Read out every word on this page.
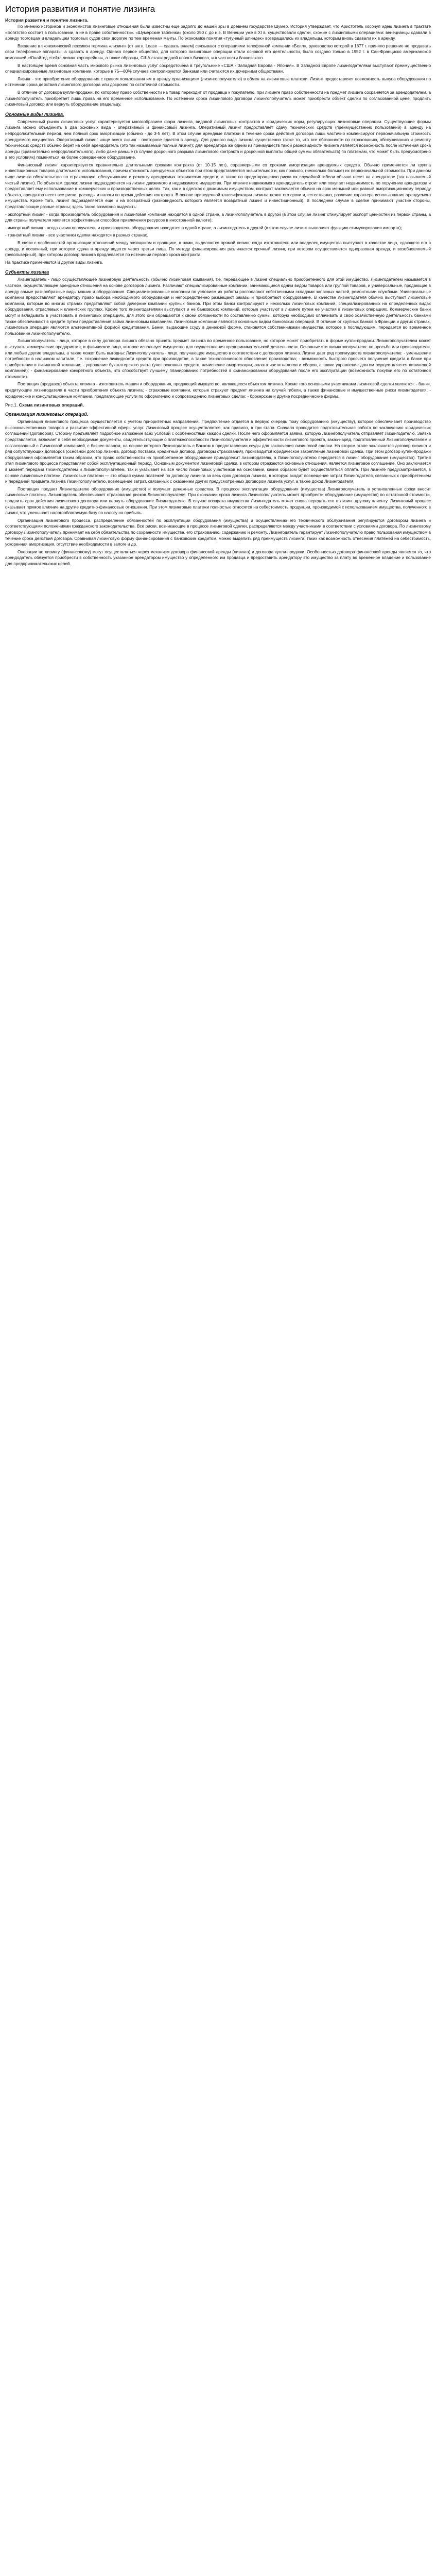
История развития и понятие лизинга
История развития и понятие лизинга.

По мнению историков и экономистов лизинговые отношения были известны еще задолго до нашей эры в древнем государстве Шумер. История утверждает, что Аристотель хосочул идею лизинга в трактате «Богатство состоит в пользовании, а не в праве собственности». «Шумерские таблички» (около 350 г. до н.э. В Венеции уже в XI в. существовали сделки, схожие с лизинговыми операциями: венецианцы сдавали в аренду торговцам и владельцам торговых судов свои дорогие по тем временам мачты. По экономике понятия «тугунный шпиндек» возвращались их владельцы, которым вновь сдавали их в аренду.

Введение в экономический лексикон термина «лизинг» (от англ. Lease — сдавать внаем) связывают с операциями телефонной компании «Белл», руководство которой в 1877 г. приняло решение не продавать свои телефонные аппараты, а сдавать в аренду. Однако первое общество, для которого лизинговые операции стали основой его деятельности, было создано только в 1952 г. в Сан-Франциско американской компанией «Юнайтед стейтс лизинг корпорейшн», а также образцы, США стали родной нового бизнеса, и в частности банковского.

В настоящее время основная часть мирового рынка лизинговых услуг сосредоточена в треугольнике «США - Западная Европа - Япония». В Западной Европе лизингодателями выступают преимущественно специализированные лизинговые компании, которые в 75—80% случаев контролируются банками или считаются их дочерними обществами.

Лизинг - это приобретение оборудования с правом пользования им в аренду организациям (лизингополучателю) в обмен на лизинговые платежи. Лизинг предоставляет возможность выкупа оборудования по истечении срока действия лизингового договора или досрочно по остаточной стоимости.

В отличие от договора купли-продажи, по которому право собственности на товар переходит от продавца к покупателю, при лизинге право собственности на предмет лизинга сохраняется за арендодателем, а лизингополучатель приобретает лишь права на его временное использование. По истечении срока лизингового договора лизингополучатель может приобрести объект сделки по согласованной цене, продлить лизинговый договор или вернуть оборудование владельцу.

Основные виды лизинга.

Современный рынок лизинговых услуг характеризуется многообразием форм лизинга, видовой лизинговых контрактов и юридических норм, регулирующих лизинговые операции. Существующие формы лизинга можно объединить в два основных вида - оперативный и финансовый лизинга. Оперативный лизинг предоставляет сдачу технических средств (преимущественно пользований) в аренду на непродолжительный период, чем полный срок амортизации (обычно - до 3-5 лет). В этом случае арендные платежи в течение срока действия договора лишь частично компенсируют первоначальную стоимость арендуемого имущества. Оперативный лизинг чаще всего лизинг - повторное сдается в аренду. Для данного вида лизинга существенно также то, что все обязанности по страхованию, обслуживанию и ремонту технических средств обычно берет на себя арендодатель (это так называемый полный лизинг); для арендатора же одним из преимуществ такой разновидности лизинга является возможность после истечения срока аренды (сравнительно непродолжительного), либо даже раньше (в случае досрочного разрыва лизингового контракта и досрочной выплаты общей суммы обязательств) по платежам, что может быть предусмотрено в его условиях) поменяться на более совершенное оборудование.

Финансовый лизинг характеризуется сравнительно длительными сроками контракта (от 10-15 лет), соразмерными со сроками амортизации арендуемых средств. Обычно применяется ли группа инвестиционных товаров длительного использования, причем стоимость арендуемых объектов при этом представляется значительной и, как правило, (несколько больше) их первоначальной стоимости. При данном виде лизинга обязательство по страхованию, обслуживанию и ремонту арендуемых технических средств, а также по предотвращению риска их случайной гибели обычно несет на арендаторе (так называемый чистый лизинг). По объектам сделки: лизинг подразделяется на лизинг движимого и недвижимого имущества. При лизинге недвижимого арендодатель строит или покупает недвижимость по поручению арендатора и предоставляет ему использование в коммерческих и производственных целях. Так, как и в сделках с движимым имуществом, контракт заключается обычно на срок меньший или равный амортизационному периоду объекта, арендатор несет все риски, расходы и налоги во время действия контракта. В основе приведенной классификации лизинга лежит его сроки и, естественно, различие характера использования арендуемого имущества. Кроме того, лизинг подразделяется еще и на возвратный (разновидность которого является возвратный лизинг и инвестиционный). В последнем случае в сделке принимают участие стороны, представляющие разные страны; здесь также возможно выделить:

- экспортный лизинг - когда производитель оборудования и лизинговая компания находятся в одной стране, а лизингополучатель в другой (в этом случае лизинг стимулирует экспорт ценностей из первой страны, а для страны получателя является эффективным способом привлечения ресурсов в иностранной валюте);

- импортный лизинг - когда лизингополучатель и производитель оборудования находятся в одной стране, а лизингодатель в другой (в этом случае лизинг выполняет функцию стимулирования импорта);

- транзитный лизинг - все участники сделки находятся в разных странах.

В связи с особенностей организации отношений между заявщиком и сравщике, в нами, выделяются прямой лизинг, когда изготовитель или владелец имущества выступает в качестве лица, сдающего его в аренду, и косвенный, при котором сдача в аренду ведется через третьи лица. По методу финансирования различается срочный лизинг, при котором осуществляется одноразовая аренда, и возобновляемый (револьверный), при котором договор лизинга продлевается по истечении первого срока контракта.

На практике применяются и другие виды лизинга.

Субъекты лизинга

Лизингодатель - лицо осуществляющее лизинговую деятельность (обычно лизинговая компания), т.е. передающее в лизинг специально приобретенного для этой имущество. Лизингодателем называется в частном, осуществляющее арендные отношения на основе договоров лизинга. Различают специализированные компании, занимающиеся одним видом товаров или группой товаров, и универсальные, продающие в аренду самые разнообразные виды машин и оборудования. Специализированные компании по условиям их работы располагают собственными складами запасных частей, ремонтными службами. Универсальные компании предоставляют арендатору право выбора необходимого оборудования и непосредственно размещают заказы и приобретают оборудование. В качестве лизингодателя обычно выступают лизинговые компании, которые во многих странах представляют собой дочерние компании крупных банков. При этом банки контролируют и несколько лизинговых компаний, специализированных на определенных видах оборудования, отраслевых и клиентских группах. Кроме того лизингодателями выступают и не банковских компаний, которые участвуют в лизинге путем ее участия в лизинговых операциях. Коммерческие банки могут и вкладывать в участвовать в лизинговых операциях, для этого они обращаются к своей обязанности по составлению суммы, которую необходимо оплачивать и свою хозяйственную деятельность банками также обеспечивают в кредите путем предоставления займа лизинговым компаниям. Лизинговые компании являются основным видом банковских операций. В отличие от крупных банков в Франции и других странах, лизинговые операции являются альтернативной формой кредитования. Банки, выдающие ссуду в денежной форме, становятся собственниками имущества, которое в последующим, передается во временное пользование лизингополучателю.

Лизингополучатель - лицо, которое в силу договора лизинга обязано принять предмет лизинга во временное пользование, но которое может приобретать в форме купли-продажи. Лизингополучателем может выступать коммерческие предприятия, и физическое лицо, которое использует имущество для осуществления предпринимательской деятельности. Основные эти лизингополучателя: по просьбе или производители, или любые другие владельцы, а также может быть выгодны: Лизингополучатель - лицо, получающее имущество в соответствии с договором лизинга. Лизинг дает ряд преимуществ лизингополучателю: - уменьшение потребности в наличном капитале, т.е. сохранение ликвидности средств при производстве, а также технологического обновления производства; - возможность быстрого просчета получения кредита в банке при приобретении в лизинговой компании; - упрощение бухгалтерского учета (учет основных средств, начисление амортизации, оплата части налогов и сборов, а также управление долгом осуществляется лизинговой компанией); - финансирование конкретного объекта, что способствует лучшему планированию потребностей в финансировании оборудования после его эксплуатации (возможность покупки его по остаточной стоимости).

Поставщик (продавец) объекта лизинга - изготовитель машин и оборудования, продающий имущество, являющееся объектом лизинга. Кроме того основными участниками лизинговой сделки являются: - банки, кредитующие лизингодателя в части приобретения объекта лизинга; - страховые компании, которые страхуют предмет лизинга на случай гибели, а также финансовые и имущественные риски лизингодателя; - юридические и консультационные компании, предлагающие услуги по оформлению и сопровождению лизинговых сделок; - брокерские и другие посреднические фирмы.

Рис.1. Схема лизинговых операций.
Организация лизинговых операций.

Организация лизингового процесса осуществляется с учетом приоритетных направлений. Предпочтение отдается в первую очередь тому оборудованию (имуществу), которое обеспечивает производство высококачественных товаров и развитие эффективной сферы услуг. Лизинговый процесс осуществляется, как правило, в три этапа. Сначала проводится подготовительная работа по заключению юридических соглашений (договоров). Сторону предъявляет подробное изложение всех условий с особенностями каждой сделки. После чего оформляется заявка, которую Лизингополучатель отправляет Лизингодателю. Заявка представляется, включает в себя необходимые документы, свидетельствующие о платежеспособности Лизингополучателя и эффективности лизингового проекта, заказ-наряд, подготовленный Лизингополучателем и согласованный с Лизинговой компанией, с бизнес-планом, на основе которого Лизингодатель с Банком в предоставлении ссуды для заключения лизинговой сделки. На втором этапе заключается договор лизинга и ряд сопутствующих договоров (основной договор лизинга, договор поставки, кредитный договор, договоры страхования), производится юридическое закрепление лизинговой сделки. При этом договор купли-продажи оборудования оформляется таким образом, что право собственности на приобретаемое оборудование принадлежит лизингодателю, а Лизингополучателю передается в лизинг оборудование (имущество). Третий этап лизингового процесса представляет собой эксплуатационный период. Основным документом лизинговой сделки, в котором отражаются основные отношения, является лизинговое соглашение. Оно заключается в момент передачи Лизингодателем и Лизингополучателем, так и указывает на всё число лизинговых участников на основании, каким образом будет осуществляться оплата. При лизинге предусматривается, в основе лизинговые платежи. Лизинговые платежи — это общая сумма платежей по договору лизинга за весь срок договора лизинга, в которую входит возмещение затрат Лизингодателя, связанных с приобретением и передачей предмета лизинга Лизингополучателю, возмещение затрат, связанных с оказанием других предусмотренных договором лизинга услуг, а также доход Лизингодателя.

Поставщик продает Лизингодателю оборудование (имущество) и получает денежные средства. В процессе эксплуатации оборудования (имущества) Лизингополучатель в установленные сроки вносит лизинговые платежи. Лизингодатель обеспечивает страхование рисков Лизингополучателя. При окончании срока лизинга Лизингополучатель может приобрести оборудование (имущество) по остаточной стоимости, продлить срок действия лизингового договора или вернуть оборудование Лизингодателю. В случае возврата имущества Лизингодатель может снова передать его в лизинг другому клиенту. Лизинговый процесс оказывает прямое влияние на другие кредитно-финансовые отношения. При этом лизинговые платежи полностью относятся на себестоимость продукции, производимой с использованием имущества, полученного в лизинг, что уменьшает налогооблагаемую базу по налогу на прибыль.

Организация лизингового процесса, распределение обязанностей по эксплуатации оборудования (имущества) и осуществлению его технического обслуживания регулируются договором лизинга и соответствующими положениями гражданского законодательства. Все риски, возникающие в процессе лизинговой сделки, распределяются между участниками в соответствии с условиями договора. По лизинговому договору Лизингополучатель принимает на себя обязательства по сохранности имущества, его страхованию, содержанию и ремонту. Лизингодатель гарантирует Лизингополучателю право пользования имуществом в течение срока действия договора. Сравнивая лизинговую форму финансирования с банковским кредитом, можно выделить ряд преимуществ лизинга, таких как возможность отнесения платежей на себестоимость, ускоренная амортизация, отсутствие необходимости в залоге и др.

Операции по лизингу (финансовому) могут осуществляться через механизм договора финансовой аренды (лизинга) и договора купли-продажи. Особенностью договора финансовой аренды является то, что арендодатель обязуется приобрести в собственность указанное арендатором имущество у определенного им продавца и предоставить арендатору это имущество за плату во временное владение и пользование для предпринимательских целей.
